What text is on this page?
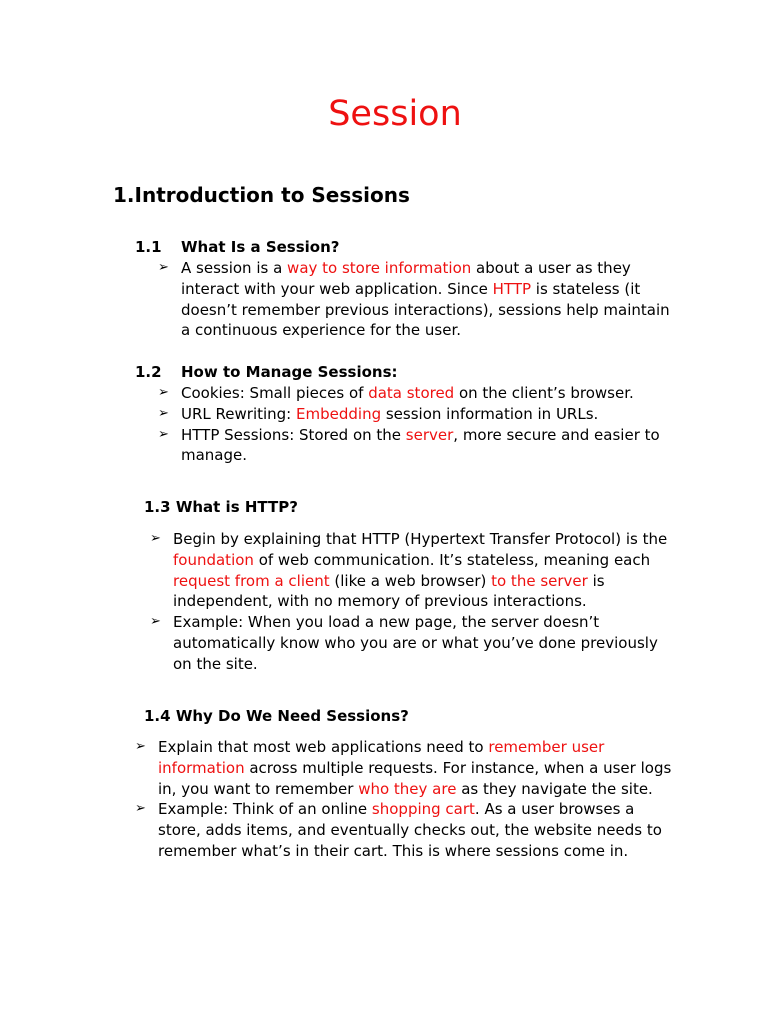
Session
1.Introduction to Sessions
1.1 What Is a Session?
➢ A session is a way to store information about a user as they interact with your web application. Since HTTP is stateless (it doesn’t remember previous interactions), sessions help maintain a continuous experience for the user.
1.2 How to Manage Sessions:
➢ Cookies: Small pieces of data stored on the client’s browser.
➢ URL Rewriting: Embedding session information in URLs.
➢ HTTP Sessions: Stored on the server, more secure and easier to manage.
1.3 What is HTTP?
➢ Begin by explaining that HTTP (Hypertext Transfer Protocol) is the foundation of web communication. It’s stateless, meaning each request from a client (like a web browser) to the server is independent, with no memory of previous interactions.
➢ Example: When you load a new page, the server doesn’t automatically know who you are or what you’ve done previously on the site.
1.4 Why Do We Need Sessions?
➢ Explain that most web applications need to remember user information across multiple requests. For instance, when a user logs in, you want to remember who they are as they navigate the site.
➢ Example: Think of an online shopping cart. As a user browses a store, adds items, and eventually checks out, the website needs to remember what’s in their cart. This is where sessions come in.
